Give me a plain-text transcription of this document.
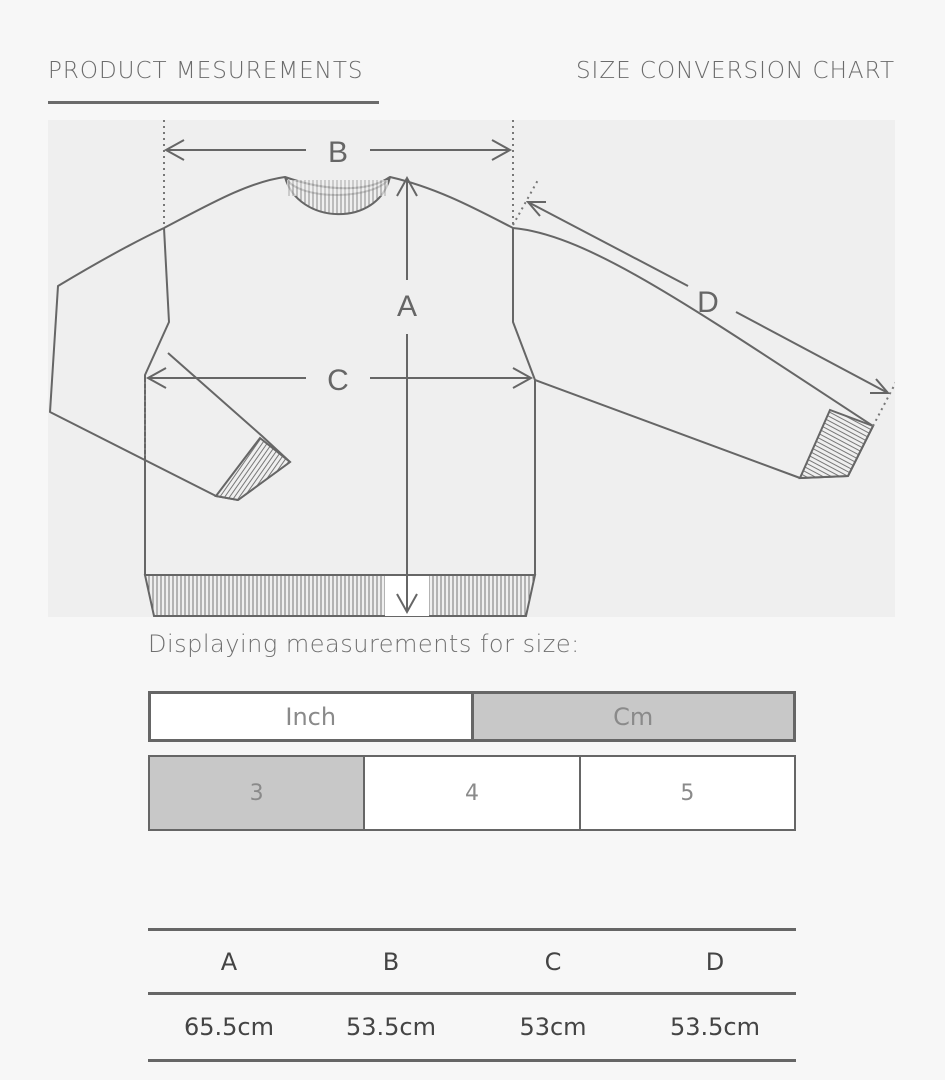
PRODUCT MESUREMENTS	SIZE CONVERSION CHART
B
C
A	D
Displaying measurements for size:
Inch	Cm
3	4	5
A	B	C	D
65.5cm	53.5cm	53cm	53.5cm
